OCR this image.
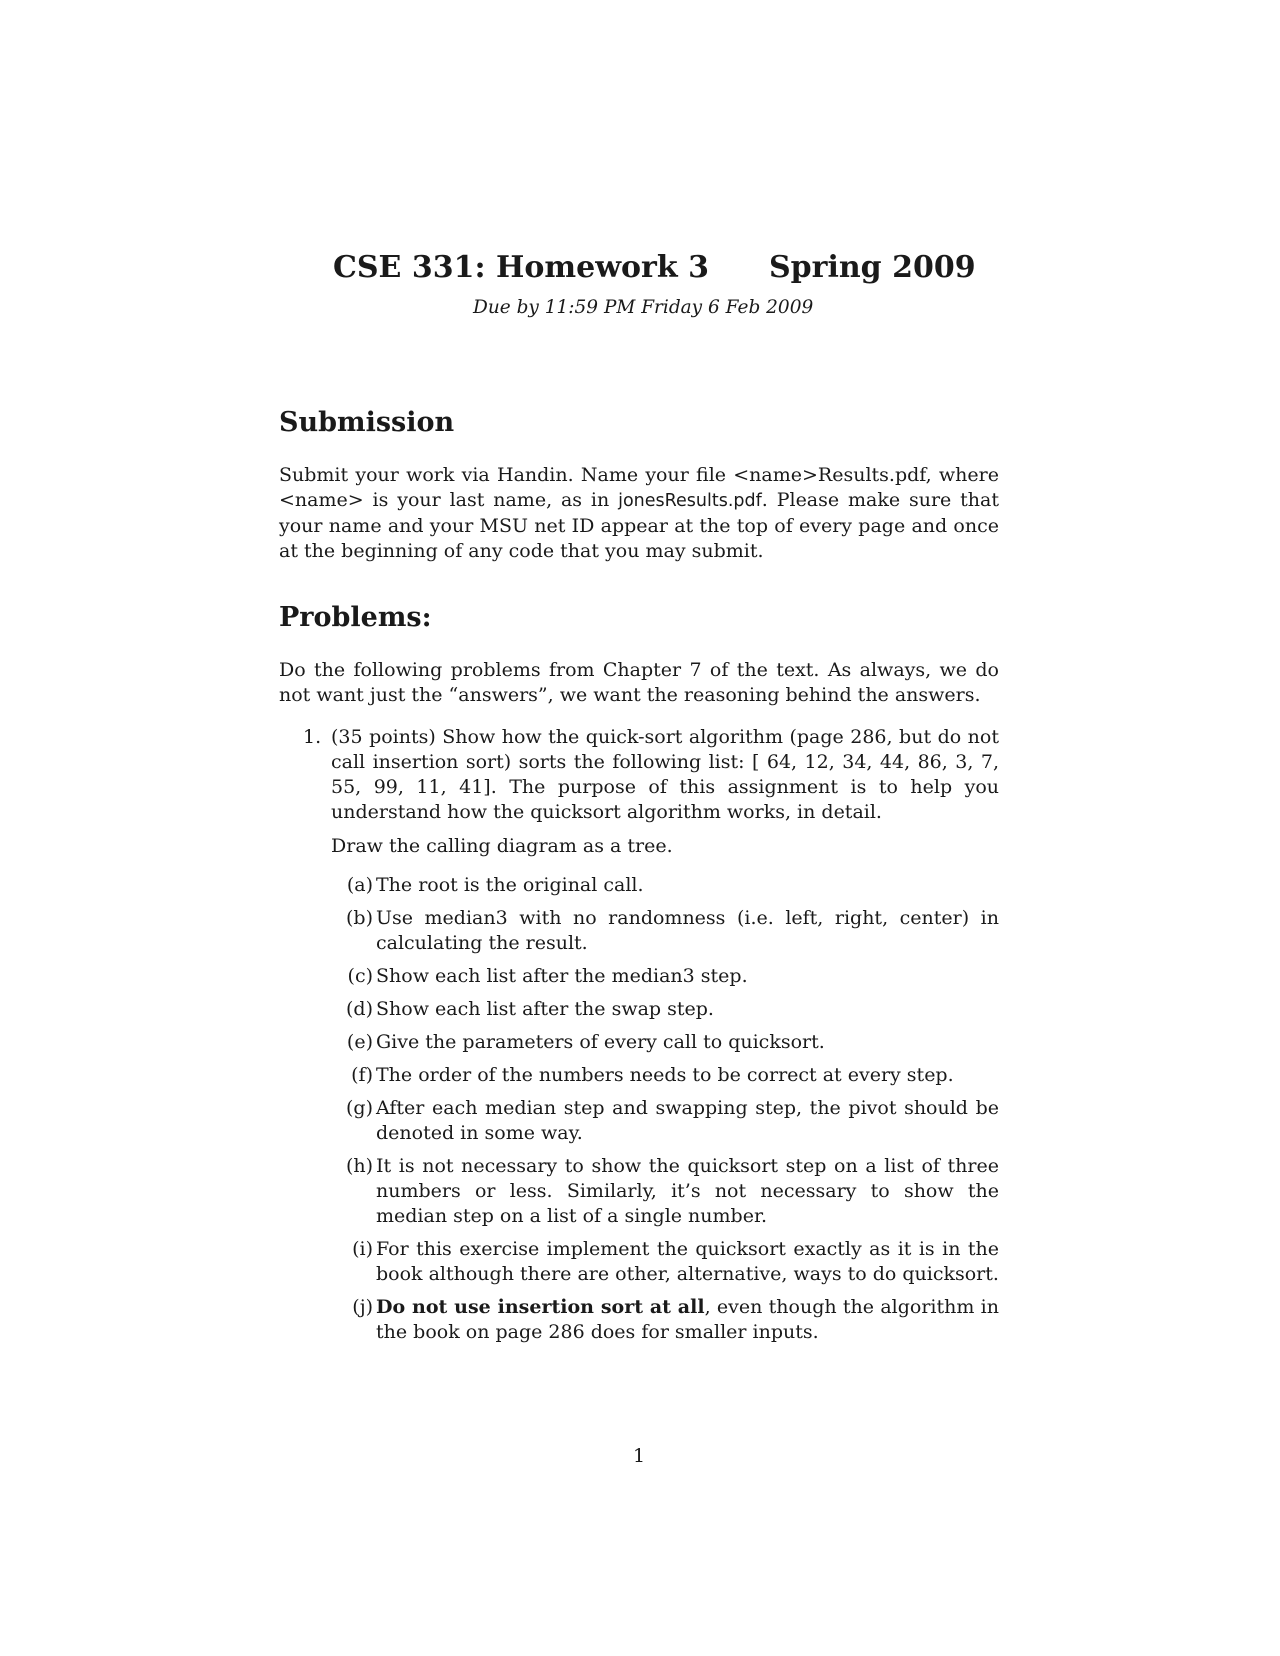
CSE 331: Homework 3 Spring 2009
Due by 11:59 PM Friday 6 Feb 2009
Submission

Submit your work via Handin. Name your file <name>Results.pdf, where <name> is your last name, as in jonesResults.pdf. Please make sure that your name and your MSU net ID appear at the top of every page and once at the beginning of any code that you may submit.

Problems:

Do the following problems from Chapter 7 of the text. As always, we do not want just the “answers”, we want the reasoning behind the answers.

1. (35 points) Show how the quick-sort algorithm (page 286, but do not call insertion sort) sorts the following list: [ 64, 12, 34, 44, 86, 3, 7, 55, 99, 11, 41]. The purpose of this assignment is to help you understand how the quicksort algorithm works, in detail.

Draw the calling diagram as a tree.

(a) The root is the original call.

(b) Use median3 with no randomness (i.e. left, right, center) in calculating the result.

(c) Show each list after the median3 step.

(d) Show each list after the swap step.

(e) Give the parameters of every call to quicksort.

(f) The order of the numbers needs to be correct at every step.

(g) After each median step and swapping step, the pivot should be denoted in some way.

(h) It is not necessary to show the quicksort step on a list of three numbers or less. Similarly, it’s not necessary to show the median step on a list of a single number.

(i) For this exercise implement the quicksort exactly as it is in the book although there are other, alternative, ways to do quicksort.

(j) Do not use insertion sort at all, even though the algorithm in the book on page 286 does for smaller inputs.

1
